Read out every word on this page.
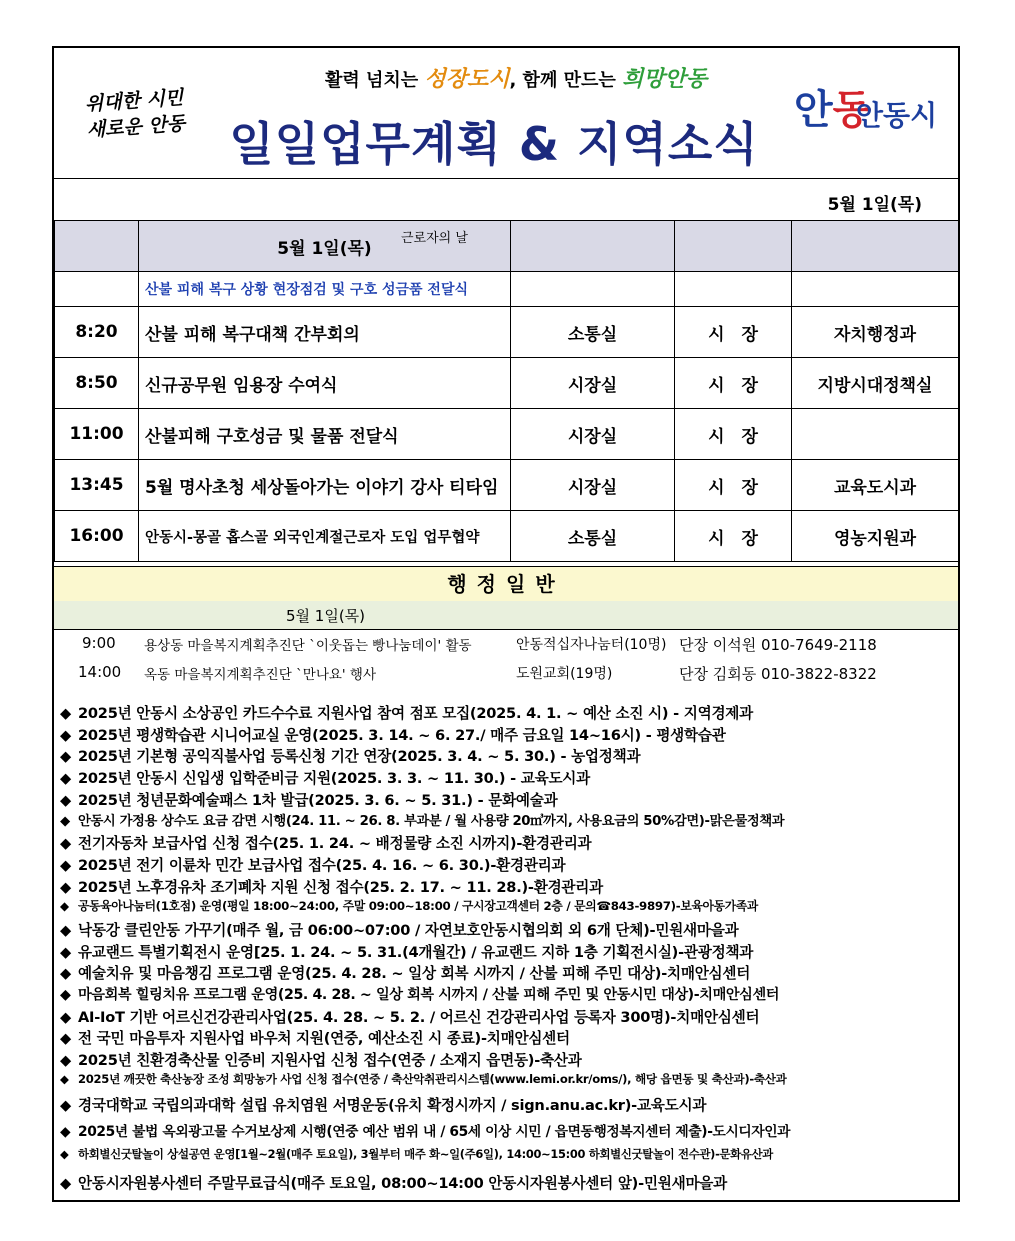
위대한 시민
새로운 안동
활력 넘치는 성장도시, 함께 만드는 희망안동
일일업무계획 & 지역소식
안동
안동시
5월 1일(목)
	5월 1일(목) 근로자의 날			

	산불 피해 복구 상황 현장점검 및 구호 성금품 전달식			
8:20	산불 피해 복구대책 간부회의	소통실	시　장	자치행정과
8:50	신규공무원 임용장 수여식	시장실	시　장	지방시대정책실
11:00	산불피해 구호성금 및 물품 전달식	시장실	시　장	
13:45	5월 명사초청 세상돌아가는 이야기 강사 티타임	시장실	시　장	교육도시과
16:00	안동시-몽골 홉스골 외국인계절근로자 도입 업무협약	소통실	시　장	영농지원과
행정일반
5월 1일(목)
9:00 용상동 마을복지계획추진단 `이웃돕는 빵나눔데이' 활동	안동적십자나눔터(10명) 단장 이석원 010-7649-2118
14:00 옥동 마을복지계획추진단 `만나요' 행사	도원교회(19명)	단장 김회동 010-3822-8322
◆ 2025년 안동시 소상공인 카드수수료 지원사업 참여 점포 모집(2025. 4. 1. ~ 예산 소진 시) - 지역경제과
◆ 2025년 평생학습관 시니어교실 운영(2025. 3. 14. ~ 6. 27./ 매주 금요일 14~16시) - 평생학습관
◆ 2025년 기본형 공익직불사업 등록신청 기간 연장(2025. 3. 4. ~ 5. 30.) - 농업정책과
◆ 2025년 안동시 신입생 입학준비금 지원(2025. 3. 3. ~ 11. 30.) - 교육도시과
◆ 2025년 청년문화예술패스 1차 발급(2025. 3. 6. ~ 5. 31.) - 문화예술과
◆ 안동시 가정용 상수도 요금 감면 시행(24. 11. ~ 26. 8. 부과분 / 월 사용량 20㎥까지, 사용요금의 50%감면)-맑은물정책과
◆ 전기자동차 보급사업 신청 접수(25. 1. 24. ~ 배정물량 소진 시까지)-환경관리과
◆ 2025년 전기 이륜차 민간 보급사업 접수(25. 4. 16. ~ 6. 30.)-환경관리과
◆ 2025년 노후경유차 조기폐차 지원 신청 접수(25. 2. 17. ~ 11. 28.)-환경관리과
◆ 공동육아나눔터(1호점) 운영(평일 18:00~24:00, 주말 09:00~18:00 / 구시장고객센터 2층 / 문의☎843-9897)-보육아동가족과
◆ 낙동강 클린안동 가꾸기(매주 월, 금 06:00~07:00 / 자연보호안동시협의회 외 6개 단체)-민원새마을과
◆ 유교랜드 특별기획전시 운영[25. 1. 24. ~ 5. 31.(4개월간) / 유교랜드 지하 1층 기획전시실)-관광정책과
◆ 예술치유 및 마음챙김 프로그램 운영(25. 4. 28. ~ 일상 회복 시까지 / 산불 피해 주민 대상)-치매안심센터
◆ 마음회복 힐링치유 프로그램 운영(25. 4. 28. ~ 일상 회복 시까지 / 산불 피해 주민 및 안동시민 대상)-치매안심센터
◆ AI-IoT 기반 어르신건강관리사업(25. 4. 28. ~ 5. 2. / 어르신 건강관리사업 등록자 300명)-치매안심센터
◆ 전 국민 마음투자 지원사업 바우처 지원(연중, 예산소진 시 종료)-치매안심센터
◆ 2025년 친환경축산물 인증비 지원사업 신청 접수(연중 / 소재지 읍면동)-축산과
◆ 2025년 깨끗한 축산농장 조성 희망농가 사업 신청 접수(연중 / 축산악취관리시스템(www.lemi.or.kr/oms/), 해당 읍면동 및 축산과)-축산과
◆ 경국대학교 국립의과대학 설립 유치염원 서명운동(유치 확정시까지 / sign.anu.ac.kr)-교육도시과
◆ 2025년 불법 옥외광고물 수거보상제 시행(연중 예산 범위 내 / 65세 이상 시민 / 읍면동행정복지센터 제출)-도시디자인과
◆ 하회별신굿탈놀이 상설공연 운영[1월~2월(매주 토요일), 3월부터 매주 화~일(주6일), 14:00~15:00 하회별신굿탈놀이 전수관)-문화유산과
◆ 안동시자원봉사센터 주말무료급식(매주 토요일, 08:00~14:00 안동시자원봉사센터 앞)-민원새마을과
